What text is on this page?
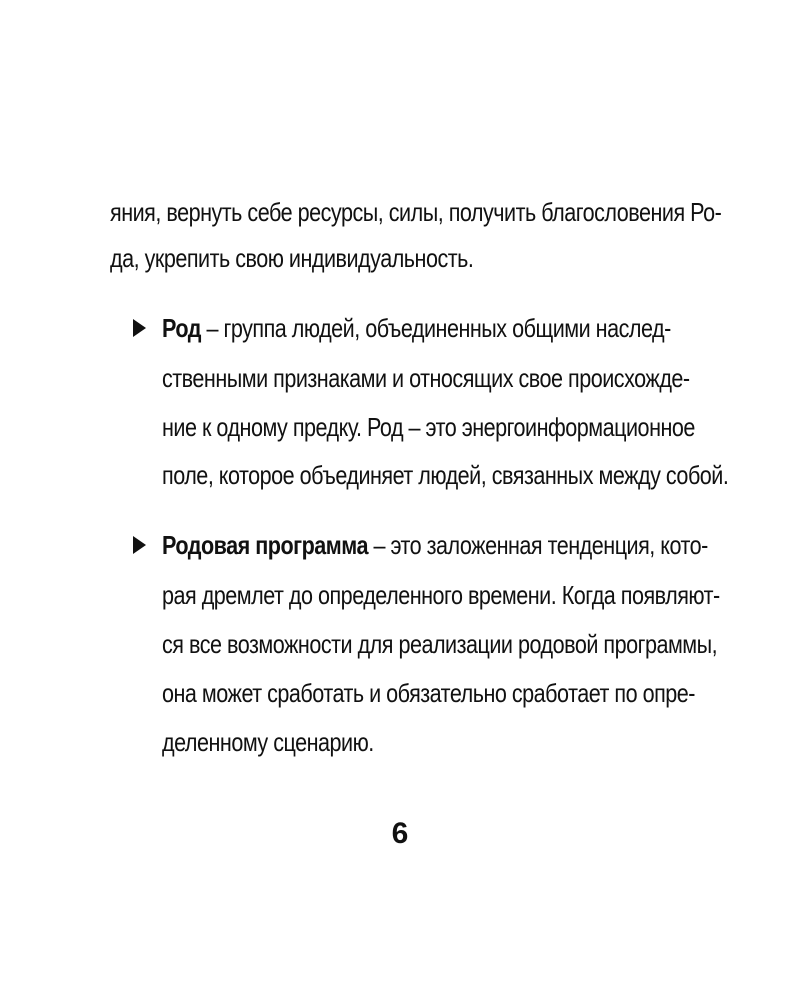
яния, вернуть себе ресурсы, силы, получить благословения Ро-
да, укрепить свою индивидуальность.
Род – группа людей, объединенных общими наслед-
ственными признаками и относящих свое происхожде-
ние к одному предку. Род – это энергоинформационное
поле, которое объединяет людей, связанных между собой.
Родовая программа – это заложенная тенденция, кото-
рая дремлет до определенного времени. Когда появляют-
ся все возможности для реализации родовой программы,
она может сработать и обязательно сработает по опре-
деленному сценарию.
6
